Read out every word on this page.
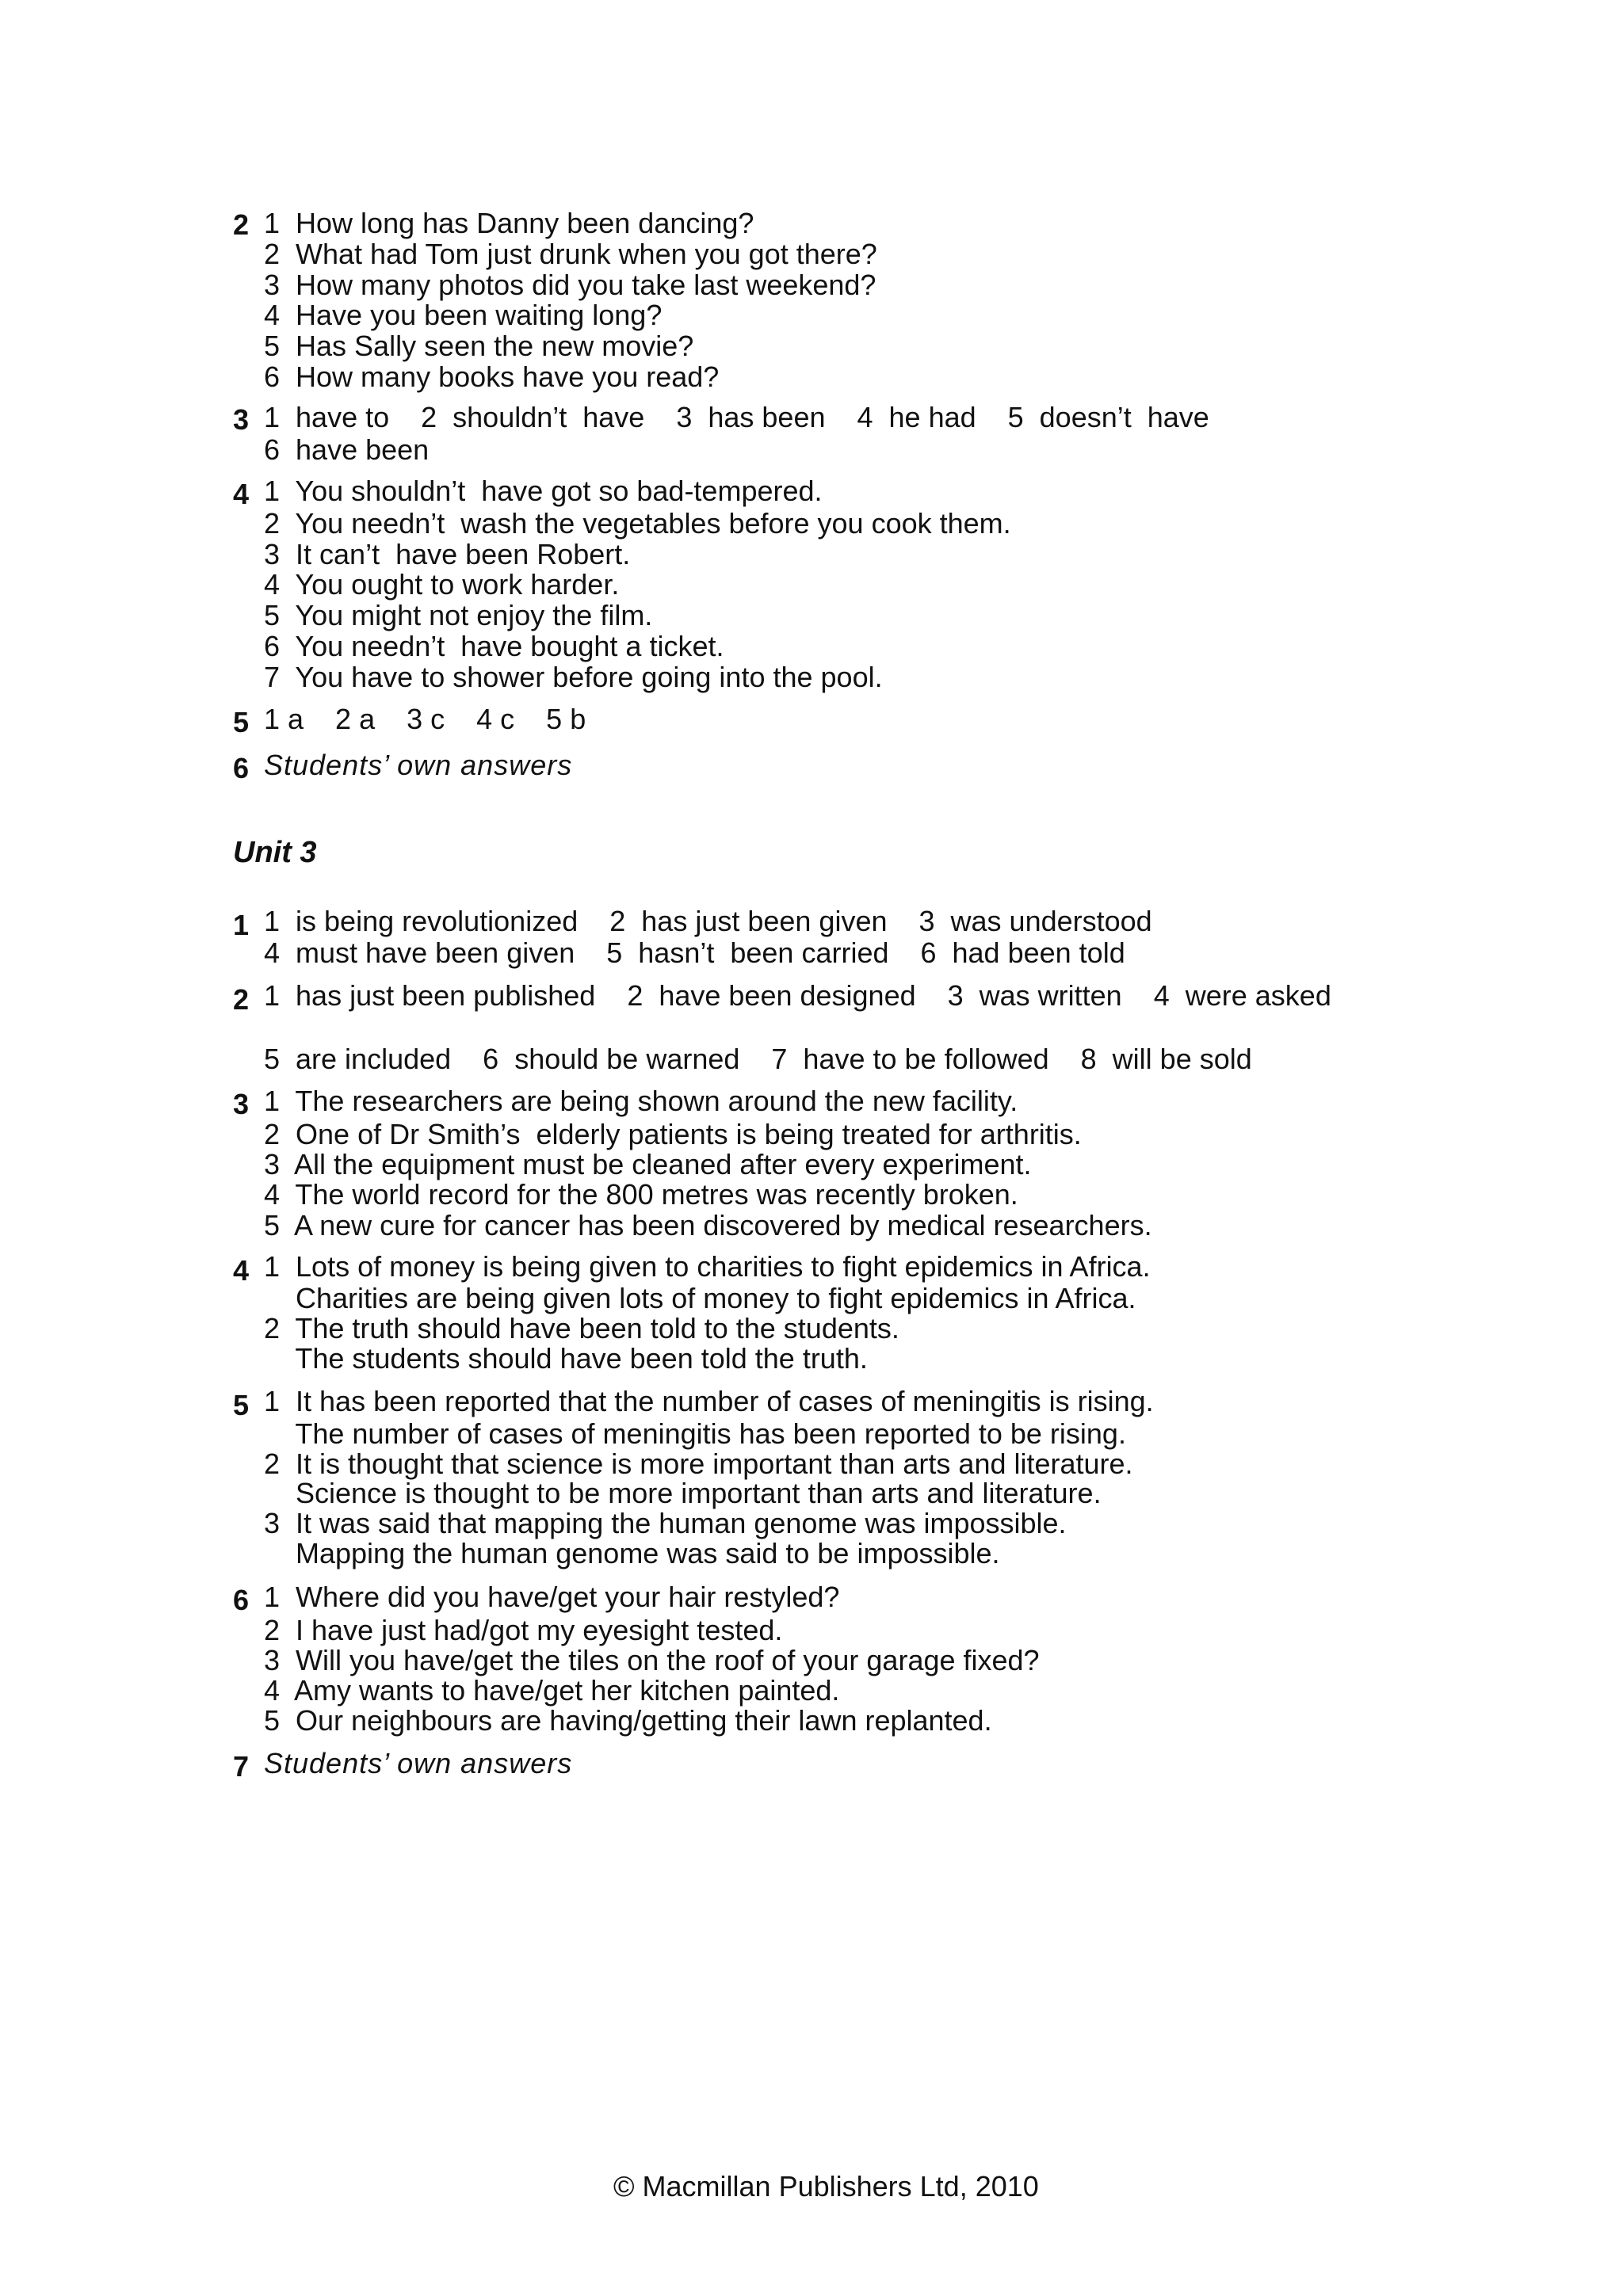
2 1  How long has Danny been dancing?
2  What had Tom just drunk when you got there?
3  How many photos did you take last weekend?
4  Have you been waiting long?
5  Has Sally seen the new movie?
6  How many books have you read?
3 1  have to    2  shouldn’t  have    3  has been    4  he had    5  doesn’t  have
6  have been
4 1  You shouldn’t  have got so bad-tempered.
2  You needn’t  wash the vegetables before you cook them.
3  It can’t  have been Robert.
4  You ought to work harder.
5  You might not enjoy the film.
6  You needn’t  have bought a ticket.
7  You have to shower before going into the pool.
5 1 a    2 a    3 c    4 c    5 b
6 Students’ own answers
Unit 3
1 1  is being revolutionized    2  has just been given    3  was understood
4  must have been given    5  hasn’t  been carried    6  had been told
2 1  has just been published    2  have been designed    3  was written    4  were asked
5  are included    6  should be warned    7  have to be followed    8  will be sold
3 1  The researchers are being shown around the new facility.
2  One of Dr Smith’s  elderly patients is being treated for arthritis.
3  All the equipment must be cleaned after every experiment.
4  The world record for the 800 metres was recently broken.
5  A new cure for cancer has been discovered by medical researchers.
4 1  Lots of money is being given to charities to fight epidemics in Africa.
Charities are being given lots of money to fight epidemics in Africa.
2  The truth should have been told to the students.
The students should have been told the truth.
5 1  It has been reported that the number of cases of meningitis is rising.
The number of cases of meningitis has been reported to be rising.
2  It is thought that science is more important than arts and literature.
Science is thought to be more important than arts and literature.
3  It was said that mapping the human genome was impossible.
Mapping the human genome was said to be impossible.
6 1  Where did you have/get your hair restyled?
2  I have just had/got my eyesight tested.
3  Will you have/get the tiles on the roof of your garage fixed?
4  Amy wants to have/get her kitchen painted.
5  Our neighbours are having/getting their lawn replanted.
7 Students’ own answers
© Macmillan Publishers Ltd, 2010
